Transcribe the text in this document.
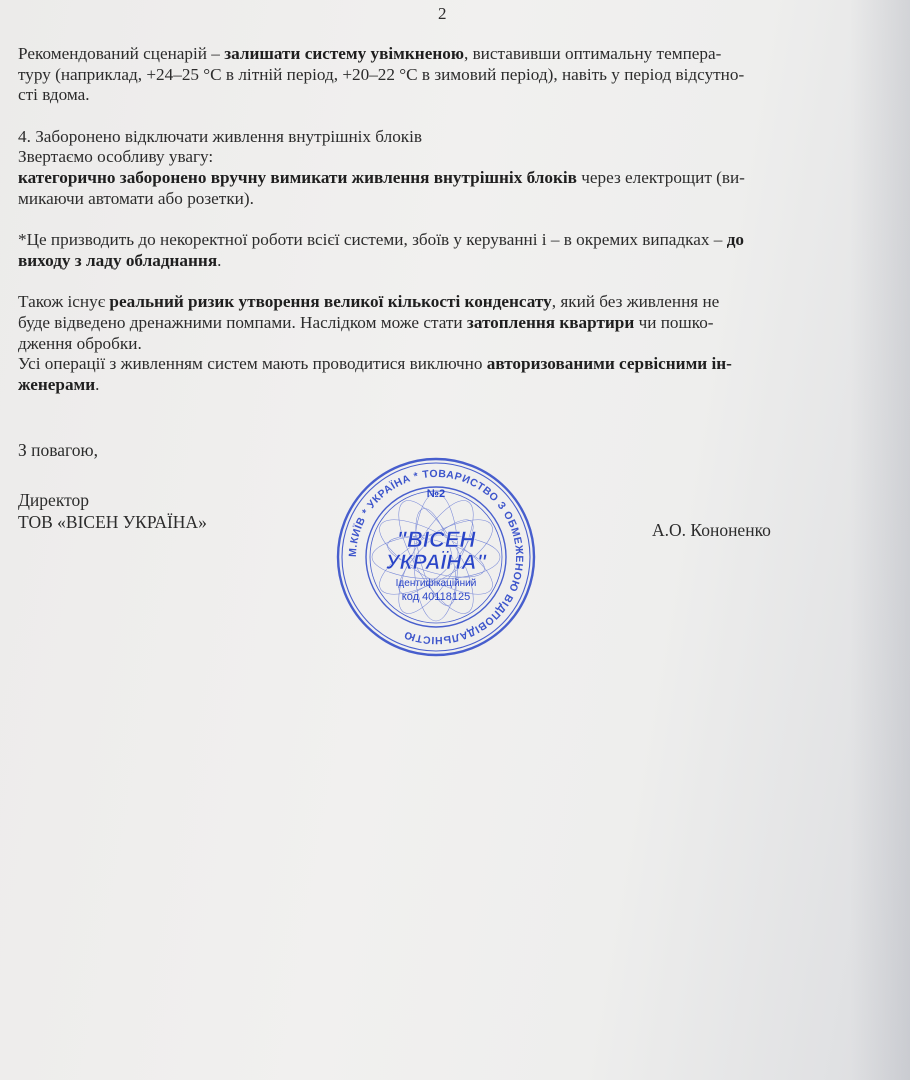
2

Рекомендований сценарій – залишати систему увімкненою, виставивши оптимальну темпера-

туру (наприклад, +24–25 °С в літній період, +20–22 °С в зимовий період), навіть у період відсутно-

сті вдома.

4. Заборонено відключати живлення внутрішніх блоків

Звертаємо особливу увагу:

категорично заборонено вручну вимикати живлення внутрішніх блоків через електрощит (ви-

микаючи автомати або розетки).

*Це призводить до некоректної роботи всієї системи, збоїв у керуванні і – в окремих випадках – до

виходу з ладу обладнання.

Також існує реальний ризик утворення великої кількості конденсату, який без живлення не

буде відведено дренажними помпами. Наслідком може стати затоплення квартири чи пошко-

дження обробки.

Усі операції з живленням систем мають проводитися виключно авторизованими сервісними ін-

женерами.

З повагою,
Директор
ТОВ «ВІСЕН УКРАЇНА»	А.О. Кононенко
М.КИЇВ * УКРАЇНА * ТОВАРИСТВО З ОБМЕЖЕНОЮ ВІДПОВІДАЛЬНІСТЮ
№2
"ВІСЕН
УКРАЇНА"
Ідентифікаційний
код 40118125
